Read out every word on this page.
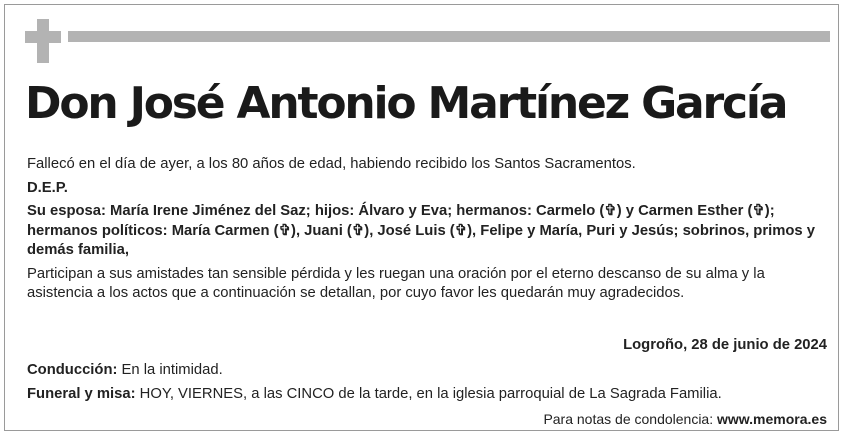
Don José Antonio Martínez García

Fallecó en el día de ayer, a los 80 años de edad, habiendo recibido los Santos Sacramentos.

D.E.P.

Su esposa: María Irene Jiménez del Saz; hijos: Álvaro y Eva; hermanos: Carmelo (✞) y Carmen Esther (✞); hermanos políticos: María Carmen (✞), Juani (✞), José Luis (✞), Felipe y María, Puri y Jesús; sobrinos, primos y demás familia,

Participan a sus amistades tan sensible pérdida y les ruegan una oración por el eterno descanso de su alma y la asistencia a los actos que a continuación se detallan, por cuyo favor les quedarán muy agradecidos.

Logroño, 28 de junio de 2024

Conducción: En la intimidad.

Funeral y misa: HOY, VIERNES, a las CINCO de la tarde, en la iglesia parroquial de La Sagrada Familia.

Para notas de condolencia: www.memora.es
